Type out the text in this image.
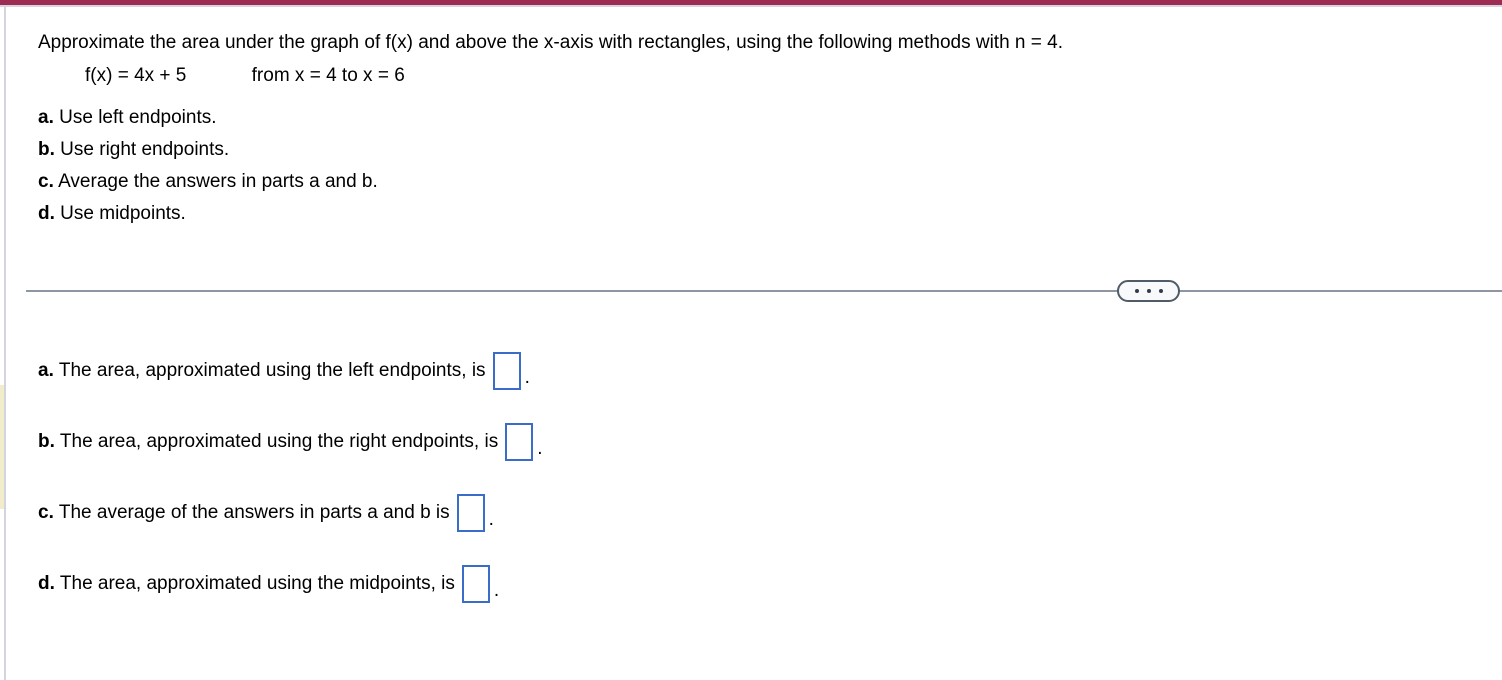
Approximate the area under the graph of f(x) and above the x-axis with rectangles, using the following methods with n = 4.

f(x) = 4x + 5	from x = 4 to x = 6
a. Use left endpoints.
b. Use right endpoints.
c. Average the answers in parts a and b.
d. Use midpoints.
a. The area, approximated using the left endpoints, is .
b. The area, approximated using the right endpoints, is .
c. The average of the answers in parts a and b is .
d. The area, approximated using the midpoints, is .
